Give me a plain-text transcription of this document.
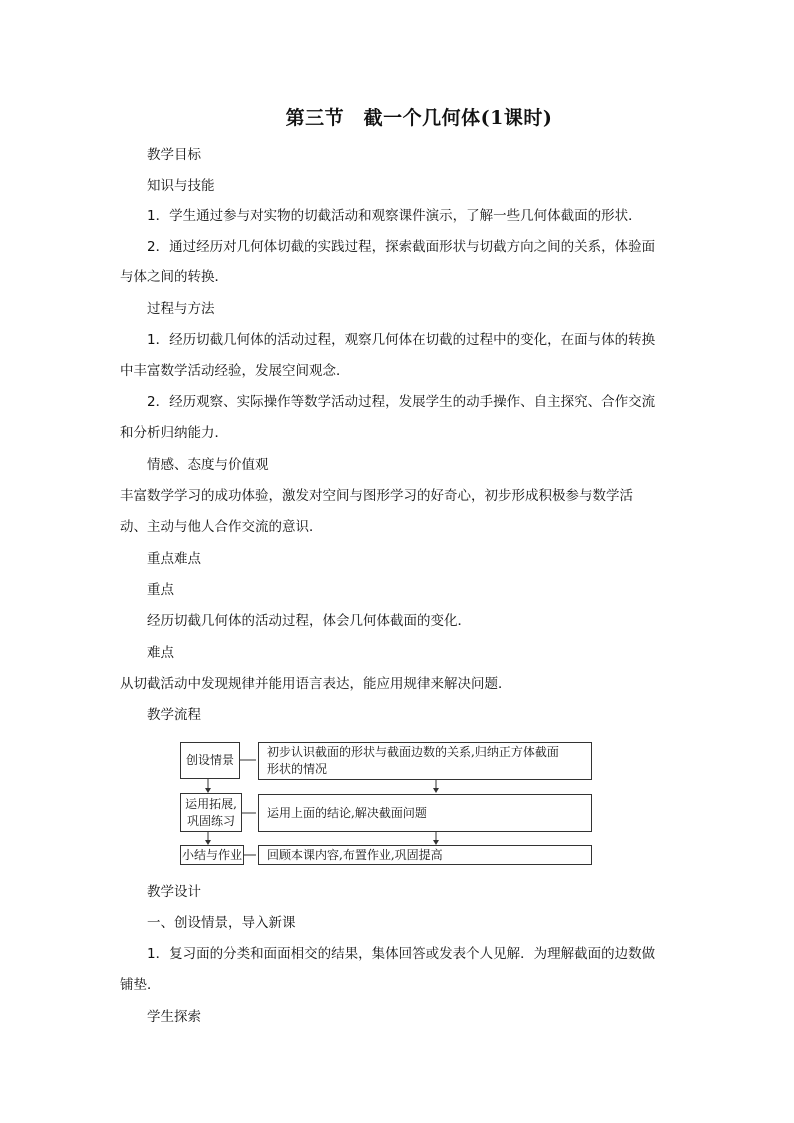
第三节　截一个几何体(1课时)
教学目标
知识与技能
1．学生通过参与对实物的切截活动和观察课件演示，了解一些几何体截面的形状．
2．通过经历对几何体切截的实践过程，探索截面形状与切截方向之间的关系，体验面
与体之间的转换．
过程与方法
1．经历切截几何体的活动过程，观察几何体在切截的过程中的变化，在面与体的转换
中丰富数学活动经验，发展空间观念．
2．经历观察、实际操作等数学活动过程，发展学生的动手操作、自主探究、合作交流
和分析归纳能力．
情感、态度与价值观
丰富数学学习的成功体验，激发对空间与图形学习的好奇心，初步形成积极参与数学活
动、主动与他人合作交流的意识．
重点难点
重点
经历切截几何体的活动过程，体会几何体截面的变化．
难点
从切截活动中发现规律并能用语言表达，能应用规律来解决问题．
教学流程
创设情景
初步认识截面的形状与截面边数的关系,归纳正方体截面
形状的情况
运用拓展,
巩固练习
运用上面的结论,解决截面问题
小结与作业 回顾本课内容,布置作业,巩固提高
教学设计
一、创设情景，导入新课
1．复习面的分类和面面相交的结果，集体回答或发表个人见解．为理解截面的边数做
铺垫．
学生探索
